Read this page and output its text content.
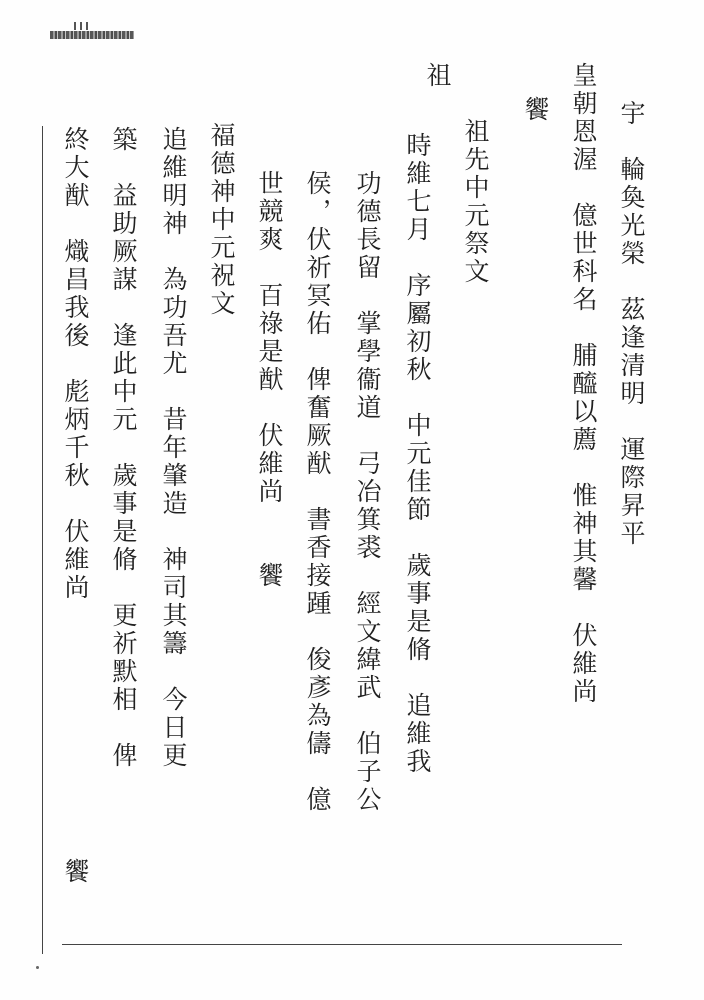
宇　輪奐光榮　茲逢清明　運際昇平
皇朝恩渥　億世科名　脯醯以薦　惟神其馨　伏維尚
饗
祖
祖先中元祭文
時維七月　序屬初秋　中元佳節　歲事是脩　追維我
功德長留　掌學衞道　弓冶箕裘　經文緯武　伯子公
侯，伏祈冥佑　俾奮厥猷　書香接踵　俊彥為儔　億
世競爽　百祿是猷　伏維尚　　饗
福德神中元祝文
追維明神　為功吾尤　昔年肇造　神司其籌　今日更
築　益助厥謀　逢此中元　歲事是脩　更祈默相　俾
終大猷　熾昌我後　彪炳千秋　伏維尚
饗
